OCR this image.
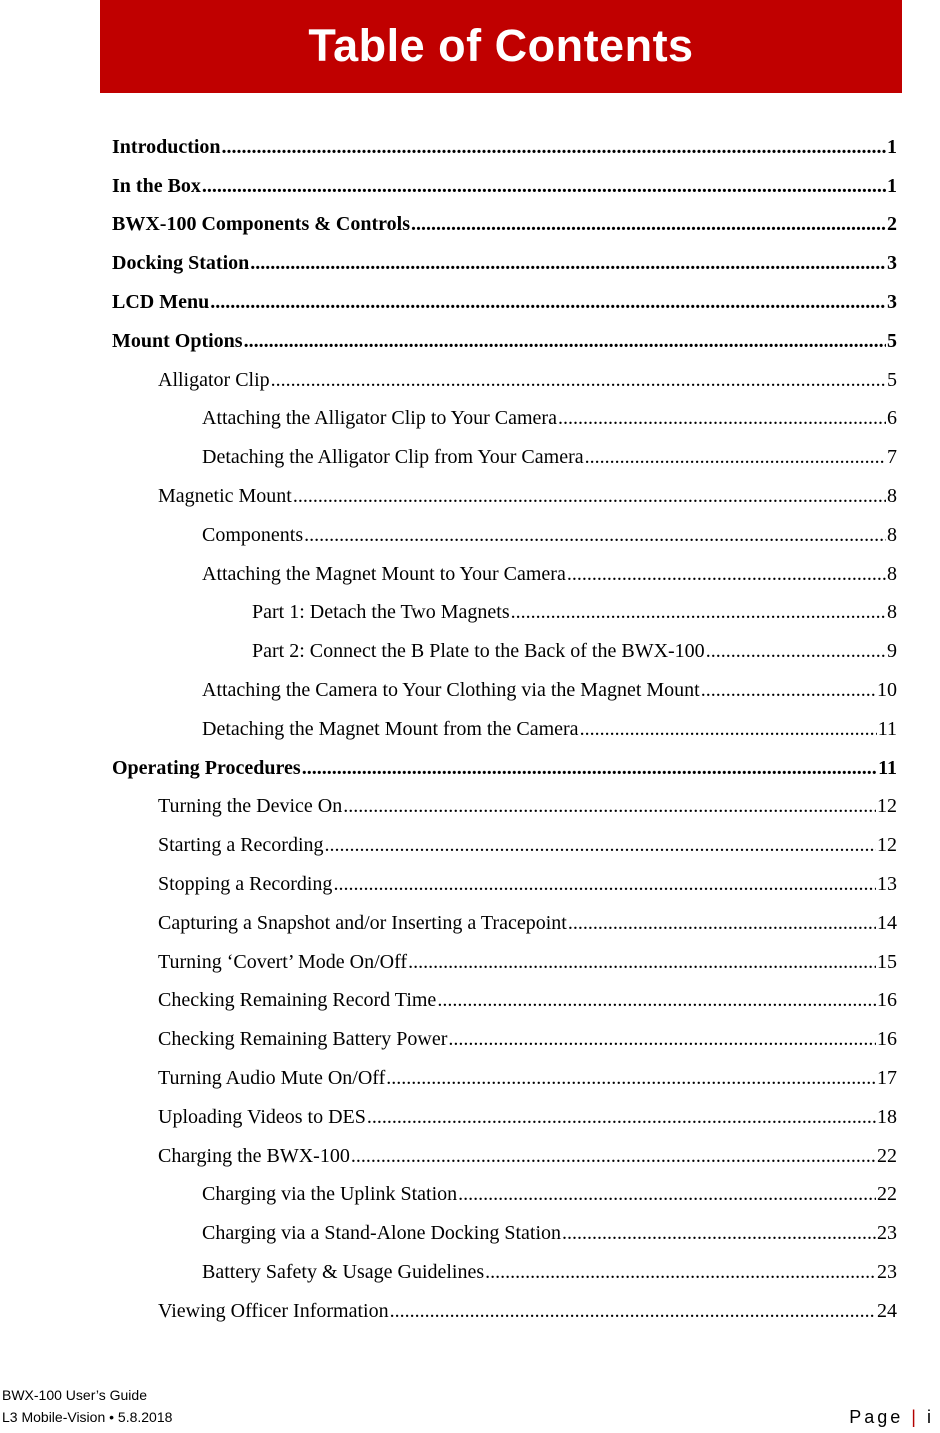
Table of Contents
Introduction .....	1
In the Box .....	1
BWX-100 Components & Controls .....	2
Docking Station .....	3
LCD Menu .....	3
Mount Options .....	5
Alligator Clip .....	5
Attaching the Alligator Clip to Your Camera .....	6
Detaching the Alligator Clip from Your Camera .....	7
Magnetic Mount .....	8
Components .....	8
Attaching the Magnet Mount to Your Camera .....	8
Part 1: Detach the Two Magnets .....	8
Part 2: Connect the B Plate to the Back of the BWX-100 .....	9
Attaching the Camera to Your Clothing via the Magnet Mount .....	10
Detaching the Magnet Mount from the Camera .....	11
Operating Procedures .....	11
Turning the Device On .....	12
Starting a Recording .....	12
Stopping a Recording .....	13
Capturing a Snapshot and/or Inserting a Tracepoint .....	14
Turning ‘Covert’ Mode On/Off .....	15
Checking Remaining Record Time .....	16
Checking Remaining Battery Power .....	16
Turning Audio Mute On/Off .....	17
Uploading Videos to DES .....	18
Charging the BWX-100 .....	22
Charging via the Uplink Station .....	22
Charging via a Stand-Alone Docking Station .....	23
Battery Safety & Usage Guidelines .....	23
Viewing Officer Information .....	24
BWX-100 User’s Guide
L3 Mobile-Vision • 5.8.2018	Page | i
